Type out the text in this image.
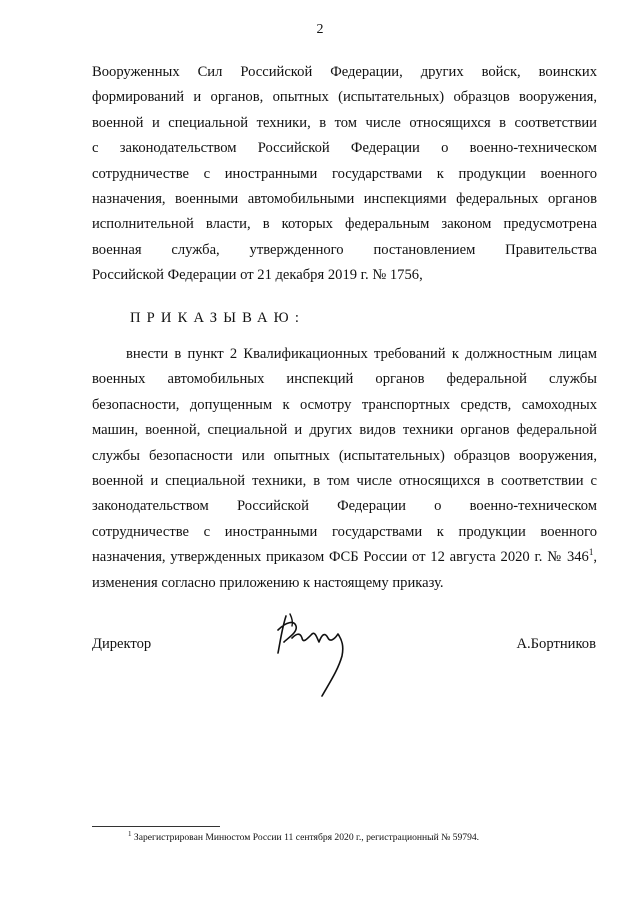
2
Вооруженных Сил Российской Федерации, других войск, воинских
формирований и органов, опытных (испытательных) образцов вооружения,
военной и специальной техники, в том числе относящихся в соответствии
с законодательством Российской Федерации о военно-техническом
сотрудничестве с иностранными государствами к продукции военного
назначения, военными автомобильными инспекциями федеральных органов
исполнительной власти, в которых федеральным законом предусмотрена
военная служба, утвержденного постановлением Правительства
Российской Федерации от 21 декабря 2019 г. № 1756,
ПРИКАЗЫВАЮ:
внести в пункт 2 Квалификационных требований к должностным лицам
военных автомобильных инспекций органов федеральной службы
безопасности, допущенным к осмотру транспортных средств, самоходных
машин, военной, специальной и других видов техники органов федеральной
службы безопасности или опытных (испытательных) образцов вооружения,
военной и специальной техники, в том числе относящихся в соответствии с
законодательством Российской Федерации о военно-техническом
сотрудничестве с иностранными государствами к продукции военного
назначения, утвержденных приказом ФСБ России от 12 августа 2020 г. № $346^1$,
изменения согласно приложению к настоящему приказу.
Директор	А.Бортников
$^1$ Зарегистрирован Минюстом России 11 сентября 2020 г., регистрационный № 59794.
